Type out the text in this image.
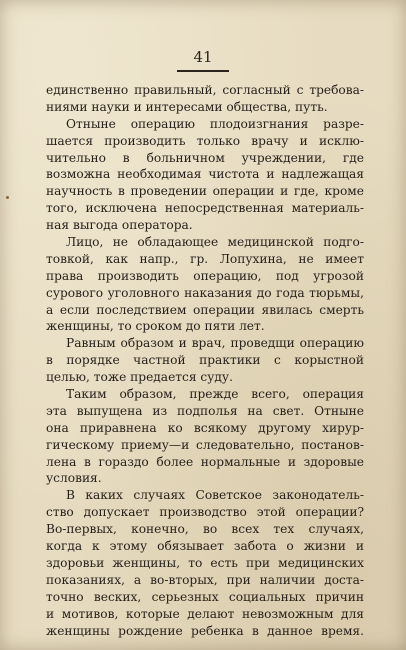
41
единственно правильный, согласный с требова-
ниями науки и интересами общества, путь.
Отныне операцию плодоизгнания разре-
шается производить только врачу и исклю-
чительно в больничном учреждении, где
возможна необходимая чистота и надлежащая
научность в проведении операции и где, кроме
того, исключена непосредственная материаль-
ная выгода оператора.
Лицо, не обладающее медицинской подго-
товкой, как напр., гр. Лопухина, не имеет
права производить операцию, под угрозой
сурового уголовного наказания до года тюрьмы,
а если последствием операции явилась смерть
женщины, то сроком до пяти лет.
Равным образом и врач, проведщи операцию
в порядке частной практики с корыстной
целью, тоже предается суду.
Таким образом, прежде всего, операция
эта выпущена из подполья на свет. Отныне
она приравнена ко всякому другому хирур-
гическому приему—и следовательно, постанов-
лена в гораздо более нормальные и здоровые
условия.
В каких случаях Советское законодатель-
ство допускает производство этой операции?
Во-первых, конечно, во всех тех случаях,
когда к этому обязывает забота о жизни и
здоровьи женщины, то есть при медицинских
показаниях, а во-вторых, при наличии доста-
точно веских, серьезных социальных причин
и мотивов, которые делают невозможным для
женщины рождение ребенка в данное время.
